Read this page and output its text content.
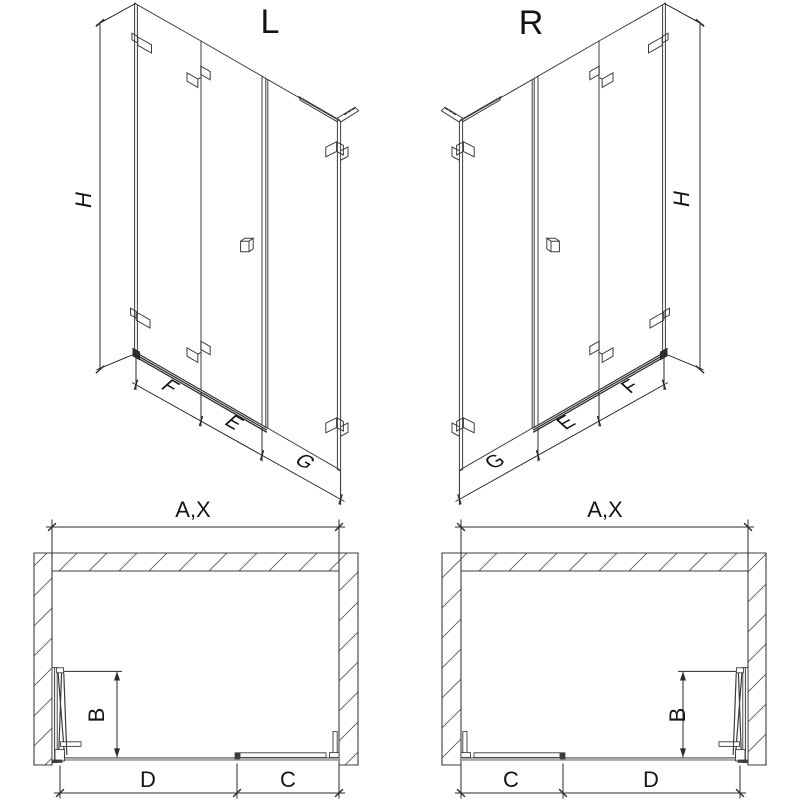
L
H
F
E
G
R
H
G
E
F
A,X
B
D	C
A,X
B
C	D
